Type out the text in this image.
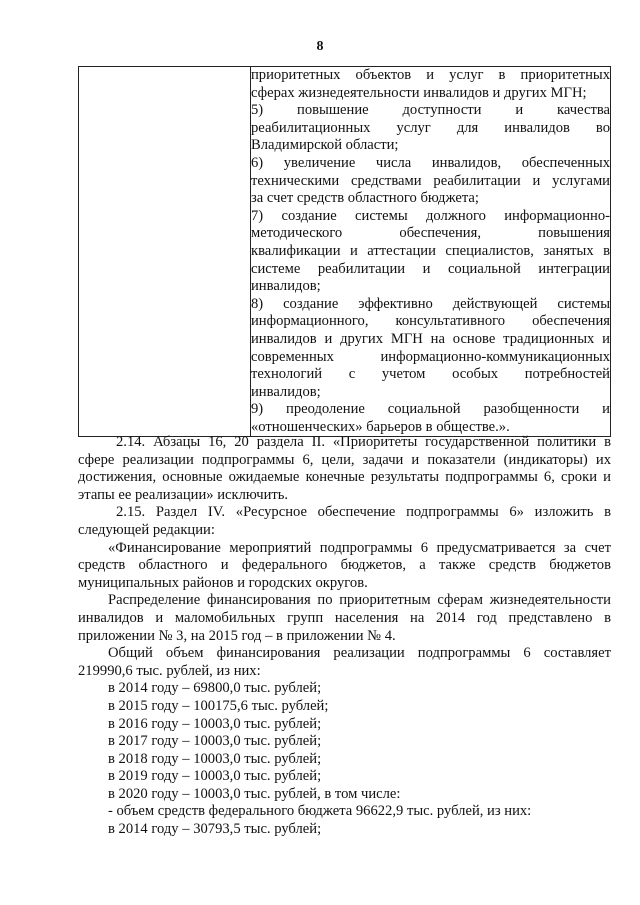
8

приоритетных объектов и услуг в приоритетных
сферах жизнедеятельности инвалидов и других МГН;
5) повышение доступности и качества
реабилитационных услуг для инвалидов во
Владимирской области;
6) увеличение числа инвалидов, обеспеченных
техническими средствами реабилитации и услугами
за счет средств областного бюджета;
7) создание системы должного информационно-
методического обеспечения, повышения
квалификации и аттестации специалистов, занятых в
системе реабилитации и социальной интеграции
инвалидов;
8) создание эффективно действующей системы
информационного, консультативного обеспечения
инвалидов и других МГН на основе традиционных и
современных информационно-коммуникационных
технологий с учетом особых потребностей
инвалидов;
9) преодоление социальной разобщенности и
«отношенческих» барьеров в обществе.».
2.14. Абзацы 16, 20 раздела II. «Приоритеты государственной политики в
сфере реализации подпрограммы 6, цели, задачи и показатели (индикаторы) их
достижения, основные ожидаемые конечные результаты подпрограммы 6, сроки и
этапы ее реализации» исключить.
2.15. Раздел IV. «Ресурсное обеспечение подпрограммы 6» изложить в
следующей редакции:
«Финансирование мероприятий подпрограммы 6 предусматривается за счет
средств областного и федерального бюджетов, а также средств бюджетов
муниципальных районов и городских округов.
Распределение финансирования по приоритетным сферам жизнедеятельности
инвалидов и маломобильных групп населения на 2014 год представлено в
приложении № 3, на 2015 год – в приложении № 4.
Общий объем финансирования реализации подпрограммы 6 составляет
219990,6 тыс. рублей, из них:
в 2014 году – 69800,0 тыс. рублей;
в 2015 году – 100175,6 тыс. рублей;
в 2016 году – 10003,0 тыс. рублей;
в 2017 году – 10003,0 тыс. рублей;
в 2018 году – 10003,0 тыс. рублей;
в 2019 году – 10003,0 тыс. рублей;
в 2020 году – 10003,0 тыс. рублей, в том числе:
- объем средств федерального бюджета 96622,9 тыс. рублей, из них:
в 2014 году – 30793,5 тыс. рублей;
